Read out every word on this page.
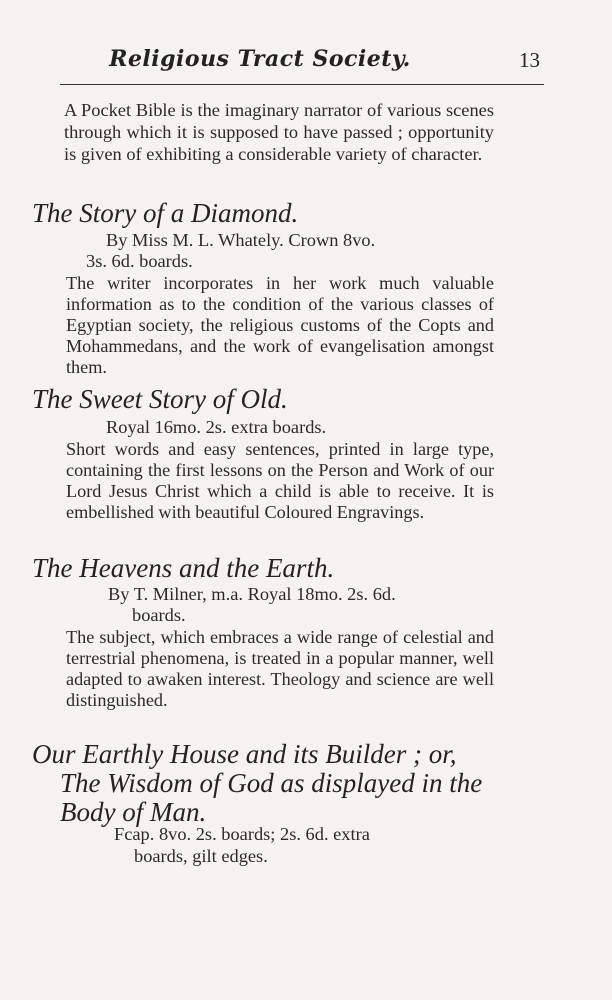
Religious Tract Society.	13
A Pocket Bible is the imaginary narrator of various scenes through which it is supposed to have passed ; opportunity is given of exhibiting a considerable variety of character.
The Story of a Diamond.
By Miss M. L. Whately. Crown 8vo.
3s. 6d. boards.
The writer incorporates in her work much valuable information as to the condition of the various classes of Egyptian society, the religious customs of the Copts and Mohammedans, and the work of evangelisation amongst them.
The Sweet Story of Old.
Royal 16mo. 2s. extra boards.
Short words and easy sentences, printed in large type, containing the first lessons on the Person and Work of our Lord Jesus Christ which a child is able to receive. It is embellished with beautiful Coloured Engravings.
The Heavens and the Earth.
By T. Milner, m.a. Royal 18mo. 2s. 6d.
boards.
The subject, which embraces a wide range of celestial and terrestrial phenomena, is treated in a popular manner, well adapted to awaken interest. Theology and science are well distinguished.
Our Earthly House and its Builder ; or,
The Wisdom of God as displayed in the
Body of Man.
Fcap. 8vo. 2s. boards; 2s. 6d. extra
boards, gilt edges.
